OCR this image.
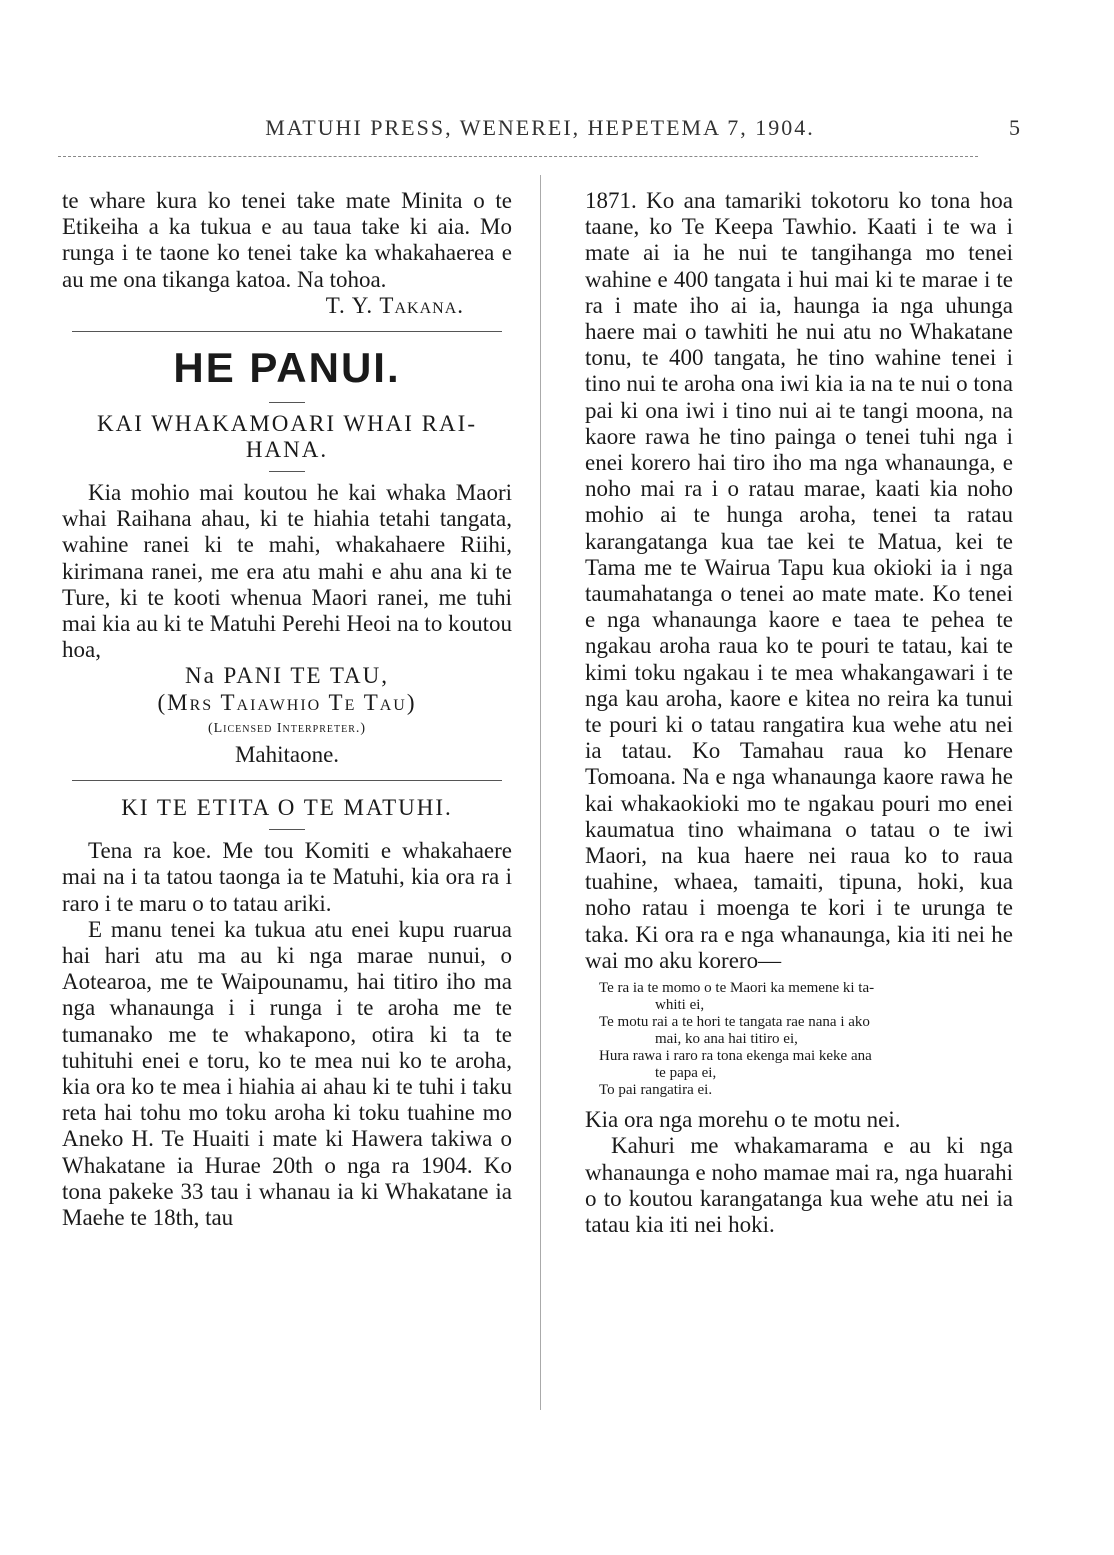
MATUHI PRESS, WENEREI, HEPETEMA 7, 1904.	5

te whare kura ko tenei take mate Minita o te Etikeiha a ka tukua e au taua take ki aia. Mo runga i te taone ko tenei take ka whakahaerea e au me ona tikanga katoa. Na tohoa.

T. Y. Takana.

HE PANUI.
KAI WHAKAMOARI WHAI RAI-HANA.

Kia mohio mai koutou he kai whaka Maori whai Raihana ahau, ki te hiahia tetahi tangata, wahine ranei ki te mahi, whakahaere Riihi, kirimana ranei, me era atu mahi e ahu ana ki te Ture, ki te kooti whenua Maori ranei, me tuhi mai kia au ki te Matuhi Perehi Heoi na to koutou hoa,

Na PANI TE TAU,
(Mrs Taiawhio Te Tau)
(Licensed Interpreter.)
Mahitaone.
KI TE ETITA O TE MATUHI.

Tena ra koe. Me tou Komiti e whakahaere mai na i ta tatou taonga ia te Matuhi, kia ora ra i raro i te maru o to tatau ariki.

E manu tenei ka tukua atu enei kupu ruarua hai hari atu ma au ki nga marae nunui, o Aotearoa, me te Waipounamu, hai titiro iho ma nga whanaunga i i runga i te aroha me te tumanako me te whakapono, otira ki ta te tuhituhi enei e toru, ko te mea nui ko te aroha, kia ora ko te mea i hiahia ai ahau ki te tuhi i taku reta hai tohu mo toku aroha ki toku tuahine mo Aneko H. Te Huaiti i mate ki Hawera takiwa o Whakatane ia Hurae 20th o nga ra 1904. Ko tona pakeke 33 tau i whanau ia ki Whakatane ia Maehe te 18th, tau

1871. Ko ana tamariki tokotoru ko tona hoa taane, ko Te Keepa Tawhio. Kaati i te wa i mate ai ia he nui te tangihanga mo tenei wahine e 400 tangata i hui mai ki te marae i te ra i mate iho ai ia, haunga ia nga uhunga haere mai o tawhiti he nui atu no Whakatane tonu, te 400 tangata, he tino wahine tenei i tino nui te aroha ona iwi kia ia na te nui o tona pai ki ona iwi i tino nui ai te tangi moona, na kaore rawa he tino painga o tenei tuhi nga i enei korero hai tiro iho ma nga whanaunga, e noho mai ra i o ratau marae, kaati kia noho mohio ai te hunga aroha, tenei ta ratau karangatanga kua tae kei te Matua, kei te Tama me te Wairua Tapu kua okioki ia i nga taumahatanga o tenei ao mate mate. Ko tenei e nga whanaunga kaore e taea te pehea te ngakau aroha raua ko te pouri te tatau, kai te kimi toku ngakau i te mea whakangawari i te nga kau aroha, kaore e kitea no reira ka tunui te pouri ki o tatau rangatira kua wehe atu nei ia tatau. Ko Tamahau raua ko Henare Tomoana. Na e nga whanaunga kaore rawa he kai whakaokioki mo te ngakau pouri mo enei kaumatua tino whaimana o tatau o te iwi Maori, na kua haere nei raua ko to raua tuahine, whaea, tamaiti, tipuna, hoki, kua noho ratau i moenga te kori i te urunga te taka. Ki ora ra e nga whanaunga, kia iti nei he wai mo aku korero—

Te ra ia te momo o te Maori ka memene ki ta-
whiti ei,
Te motu rai a te hori te tangata rae nana i ako
mai, ko ana hai titiro ei,
Hura rawa i raro ra tona ekenga mai keke ana
te papa ei,
To pai rangatira ei.

Kia ora nga morehu o te motu nei.

Kahuri me whakamarama e au ki nga whanaunga e noho mamae mai ra, nga huarahi o to koutou karangatanga kua wehe atu nei ia tatau kia iti nei hoki.
